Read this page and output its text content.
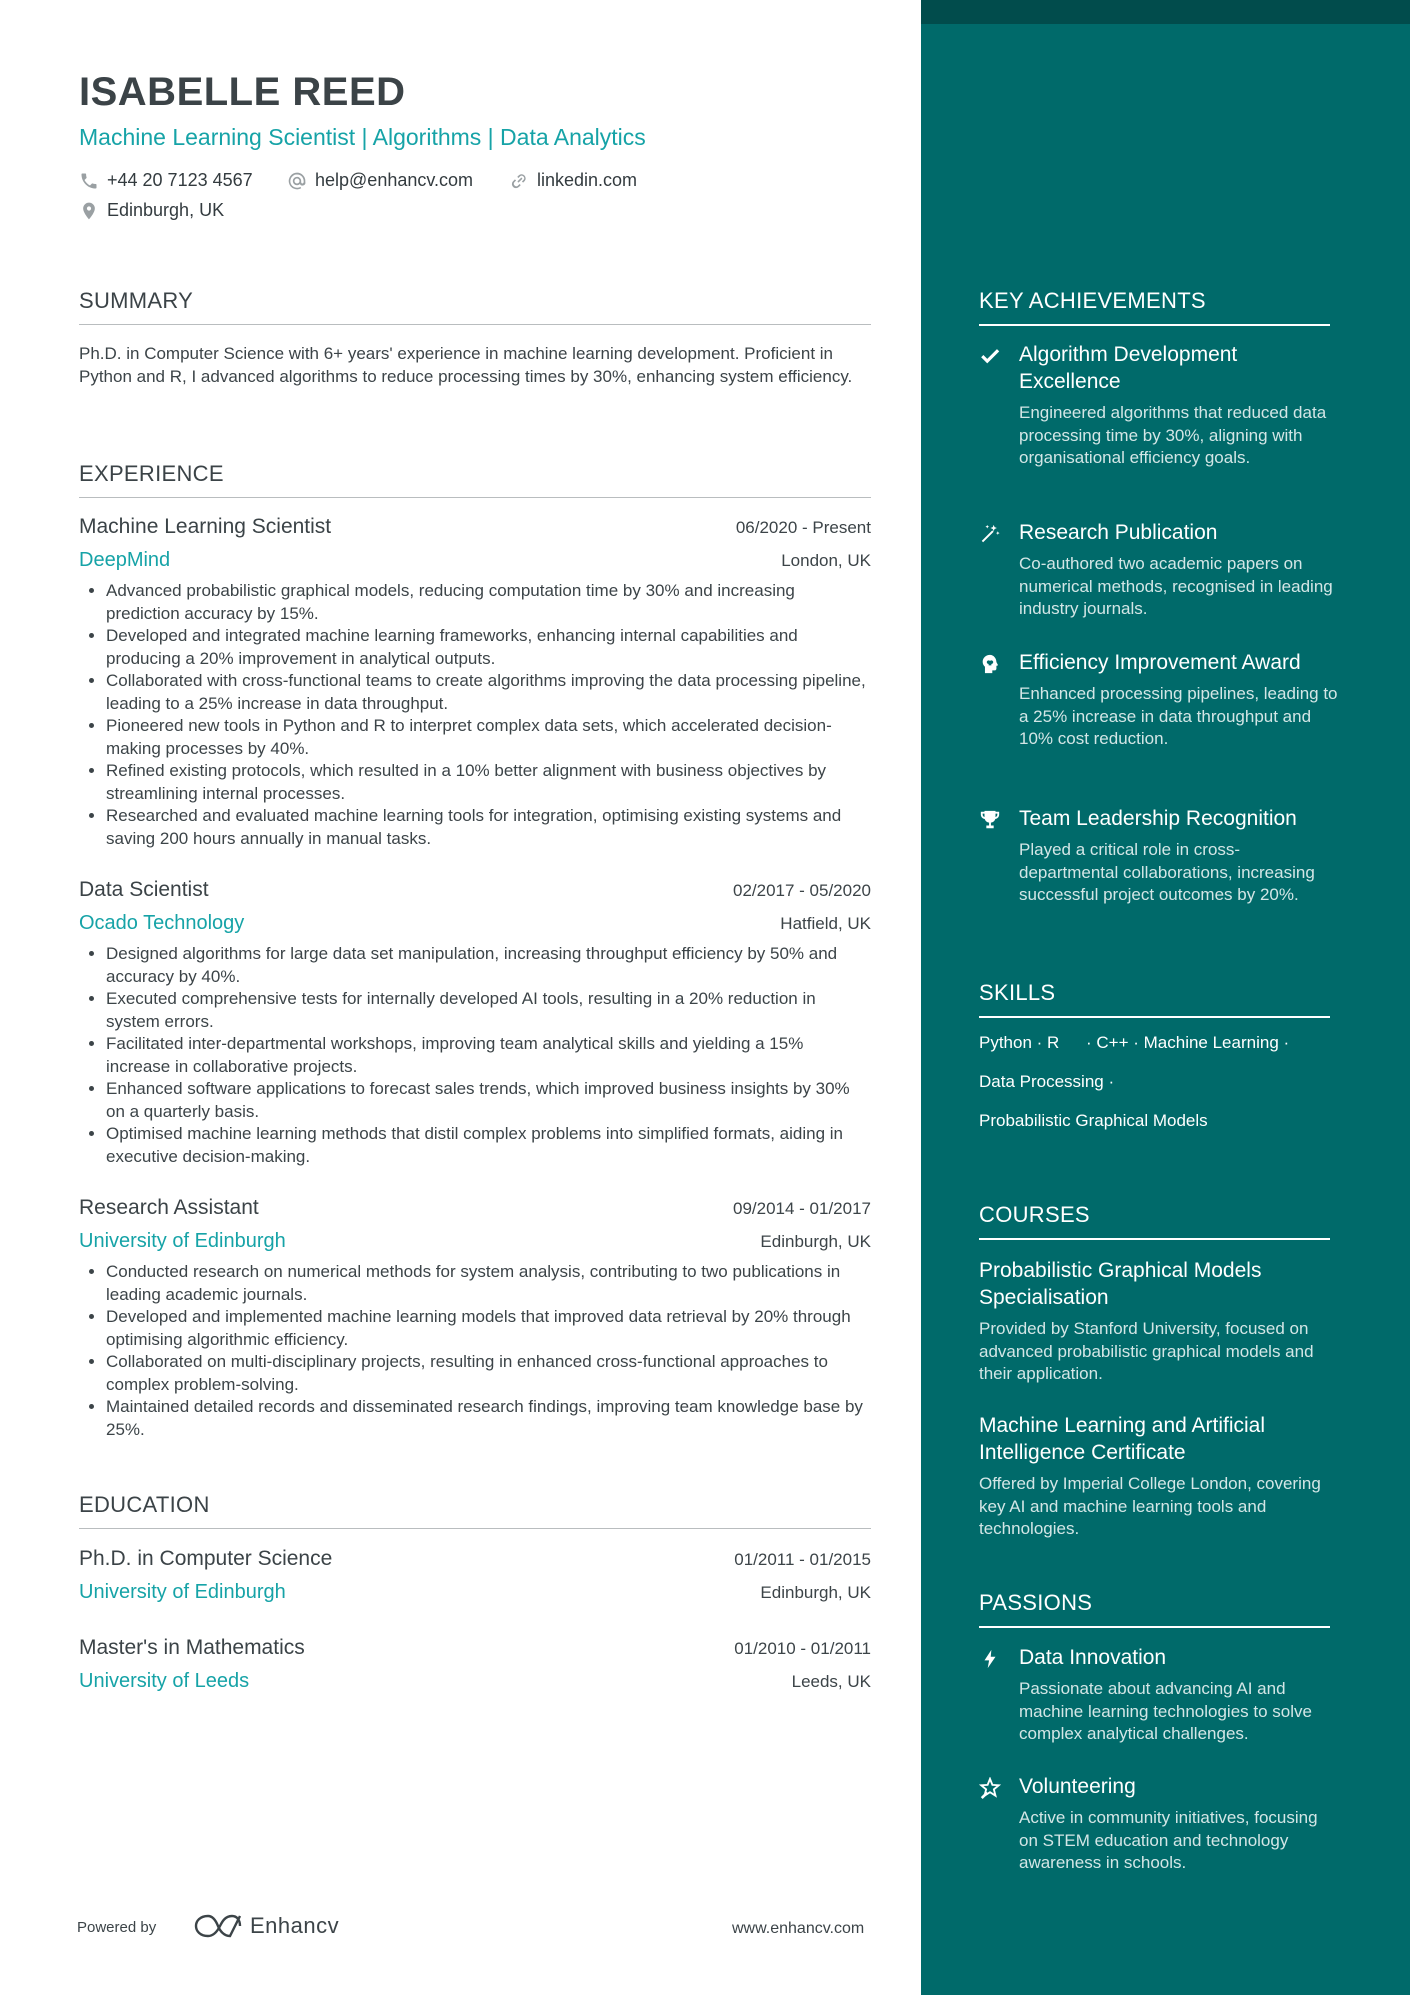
ISABELLE REED
Machine Learning Scientist | Algorithms | Data Analytics
+44 20 7123 4567	help@enhancv.com	linkedin.com
Edinburgh, UK
SUMMARY
Ph.D. in Computer Science with 6+ years' experience in machine learning development. Proficient in Python and R, I advanced algorithms to reduce processing times by 30%, enhancing system efficiency.
EXPERIENCE
Machine Learning Scientist	06/2020 - Present
DeepMind	London, UK
• Advanced probabilistic graphical models, reducing computation time by 30% and increasing prediction accuracy by 15%.
• Developed and integrated machine learning frameworks, enhancing internal capabilities and producing a 20% improvement in analytical outputs.
• Collaborated with cross-functional teams to create algorithms improving the data processing pipeline, leading to a 25% increase in data throughput.
• Pioneered new tools in Python and R to interpret complex data sets, which accelerated decision-making processes by 40%.
• Refined existing protocols, which resulted in a 10% better alignment with business objectives by streamlining internal processes.
• Researched and evaluated machine learning tools for integration, optimising existing systems and saving 200 hours annually in manual tasks.
Data Scientist	02/2017 - 05/2020
Ocado Technology	Hatfield, UK
• Designed algorithms for large data set manipulation, increasing throughput efficiency by 50% and accuracy by 40%.
• Executed comprehensive tests for internally developed AI tools, resulting in a 20% reduction in system errors.
• Facilitated inter-departmental workshops, improving team analytical skills and yielding a 15% increase in collaborative projects.
• Enhanced software applications to forecast sales trends, which improved business insights by 30% on a quarterly basis.
• Optimised machine learning methods that distil complex problems into simplified formats, aiding in executive decision-making.
Research Assistant	09/2014 - 01/2017
University of Edinburgh	Edinburgh, UK
• Conducted research on numerical methods for system analysis, contributing to two publications in leading academic journals.
• Developed and implemented machine learning models that improved data retrieval by 20% through optimising algorithmic efficiency.
• Collaborated on multi-disciplinary projects, resulting in enhanced cross-functional approaches to complex problem-solving.
• Maintained detailed records and disseminated research findings, improving team knowledge base by 25%.
EDUCATION
Ph.D. in Computer Science	01/2011 - 01/2015
University of Edinburgh	Edinburgh, UK
Master's in Mathematics	01/2010 - 01/2011
University of Leeds	Leeds, UK
Powered by	Enhancv	www.enhancv.com
KEY ACHIEVEMENTS
Algorithm Development Excellence
Engineered algorithms that reduced data processing time by 30%, aligning with organisational efficiency goals.
Research Publication
Co-authored two academic papers on numerical methods, recognised in leading industry journals.
Efficiency Improvement Award
Enhanced processing pipelines, leading to a 25% increase in data throughput and 10% cost reduction.
Team Leadership Recognition
Played a critical role in cross-departmental collaborations, increasing successful project outcomes by 20%.
SKILLS
Python · R · C++ · Machine Learning ·
Data Processing ·
Probabilistic Graphical Models
COURSES
Probabilistic Graphical Models Specialisation
Provided by Stanford University, focused on advanced probabilistic graphical models and their application.
Machine Learning and Artificial Intelligence Certificate
Offered by Imperial College London, covering key AI and machine learning tools and technologies.
PASSIONS
Data Innovation
Passionate about advancing AI and machine learning technologies to solve complex analytical challenges.
Volunteering
Active in community initiatives, focusing on STEM education and technology awareness in schools.
